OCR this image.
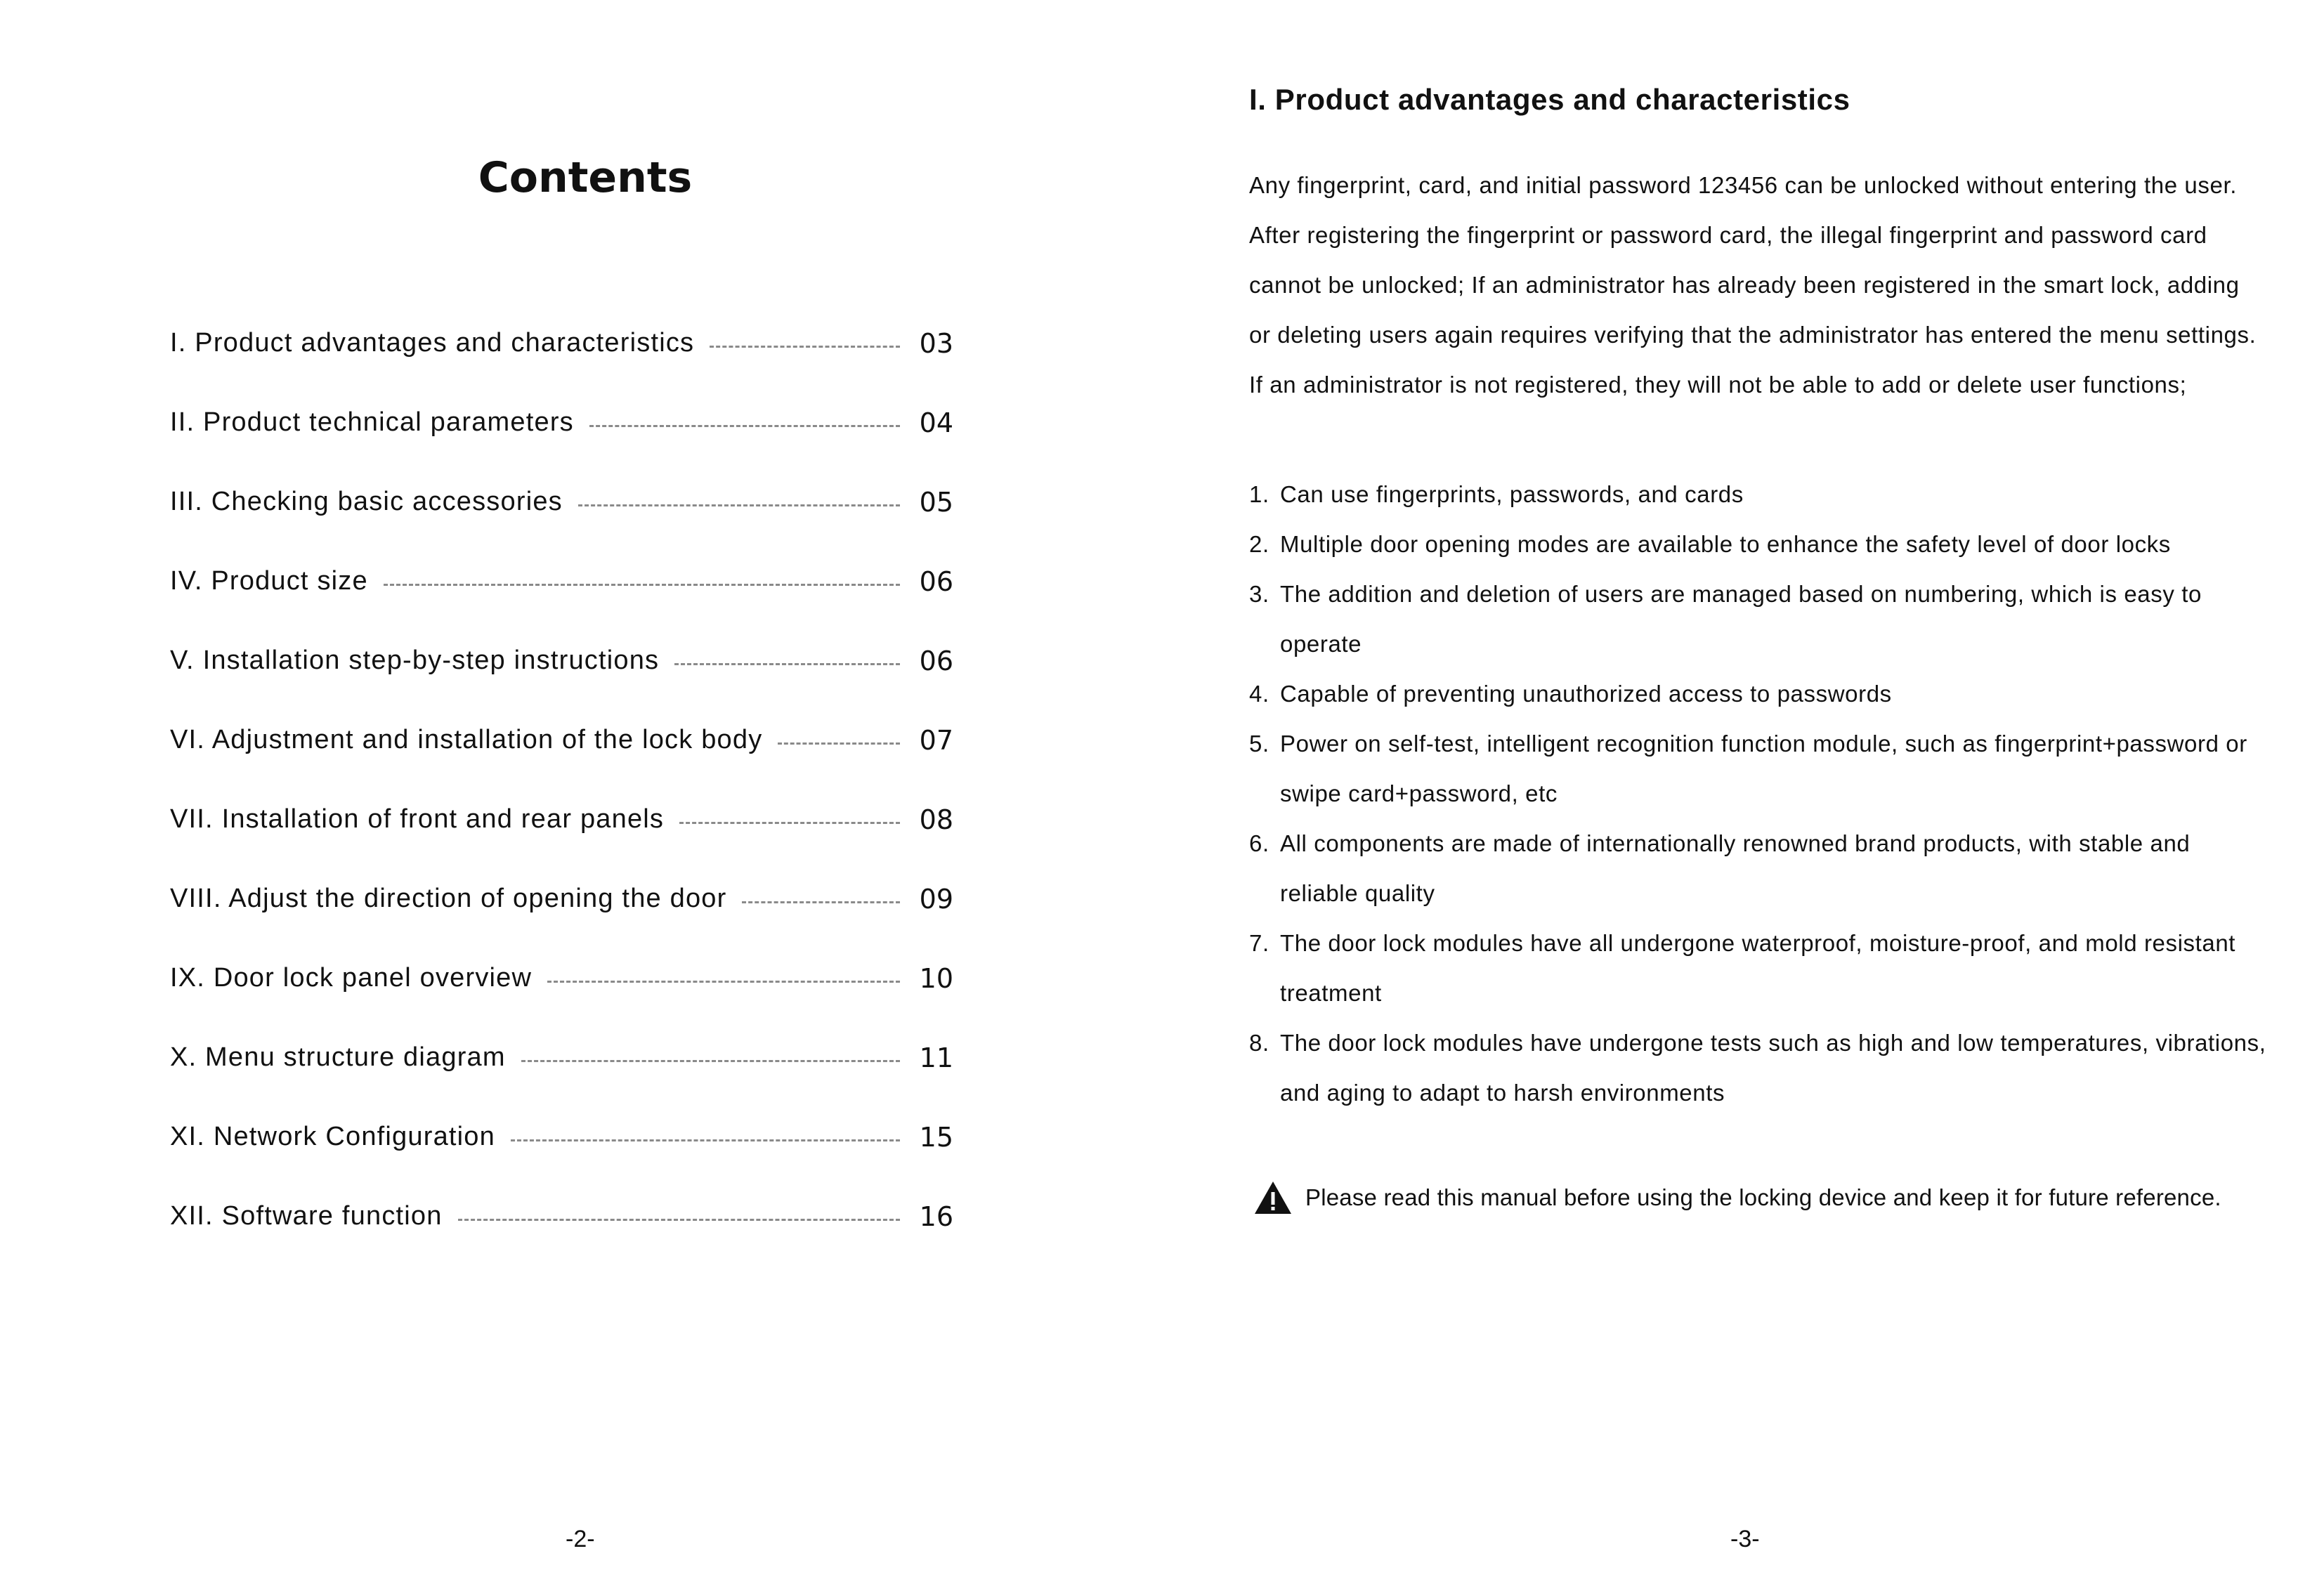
Contents
I. Product advantages and characteristics	03
II. Product technical parameters	04
III. Checking basic accessories	05
IV. Product size	06
V. Installation step-by-step instructions	06
VI. Adjustment and installation of the lock body	07
VII. Installation of front and rear panels	08
VIII. Adjust the direction of opening the door	09
IX. Door lock panel overview	10
X. Menu structure diagram	11
XI. Network Configuration	15
XII. Software function	16
-2-
I. Product advantages and characteristics

Any fingerprint, card, and initial password 123456 can be unlocked without entering the user. After registering the fingerprint or password card, the illegal fingerprint and password card cannot be unlocked; If an administrator has already been registered in the smart lock, adding or deleting users again requires verifying that the administrator has entered the menu settings. If an administrator is not registered, they will not be able to add or delete user functions;

1. Can use fingerprints, passwords, and cards
2. Multiple door opening modes are available to enhance the safety level of door locks
3. The addition and deletion of users are managed based on numbering, which is easy to operate
4. Capable of preventing unauthorized access to passwords
5. Power on self-test, intelligent recognition function module, such as fingerprint+password or swipe card+password, etc
6. All components are made of internationally renowned brand products, with stable and reliable quality
7. The door lock modules have all undergone waterproof, moisture-proof, and mold resistant treatment
8. The door lock modules have undergone tests such as high and low temperatures, vibrations, and aging to adapt to harsh environments
Please read this manual before using the locking device and keep it for future reference.
-3-
